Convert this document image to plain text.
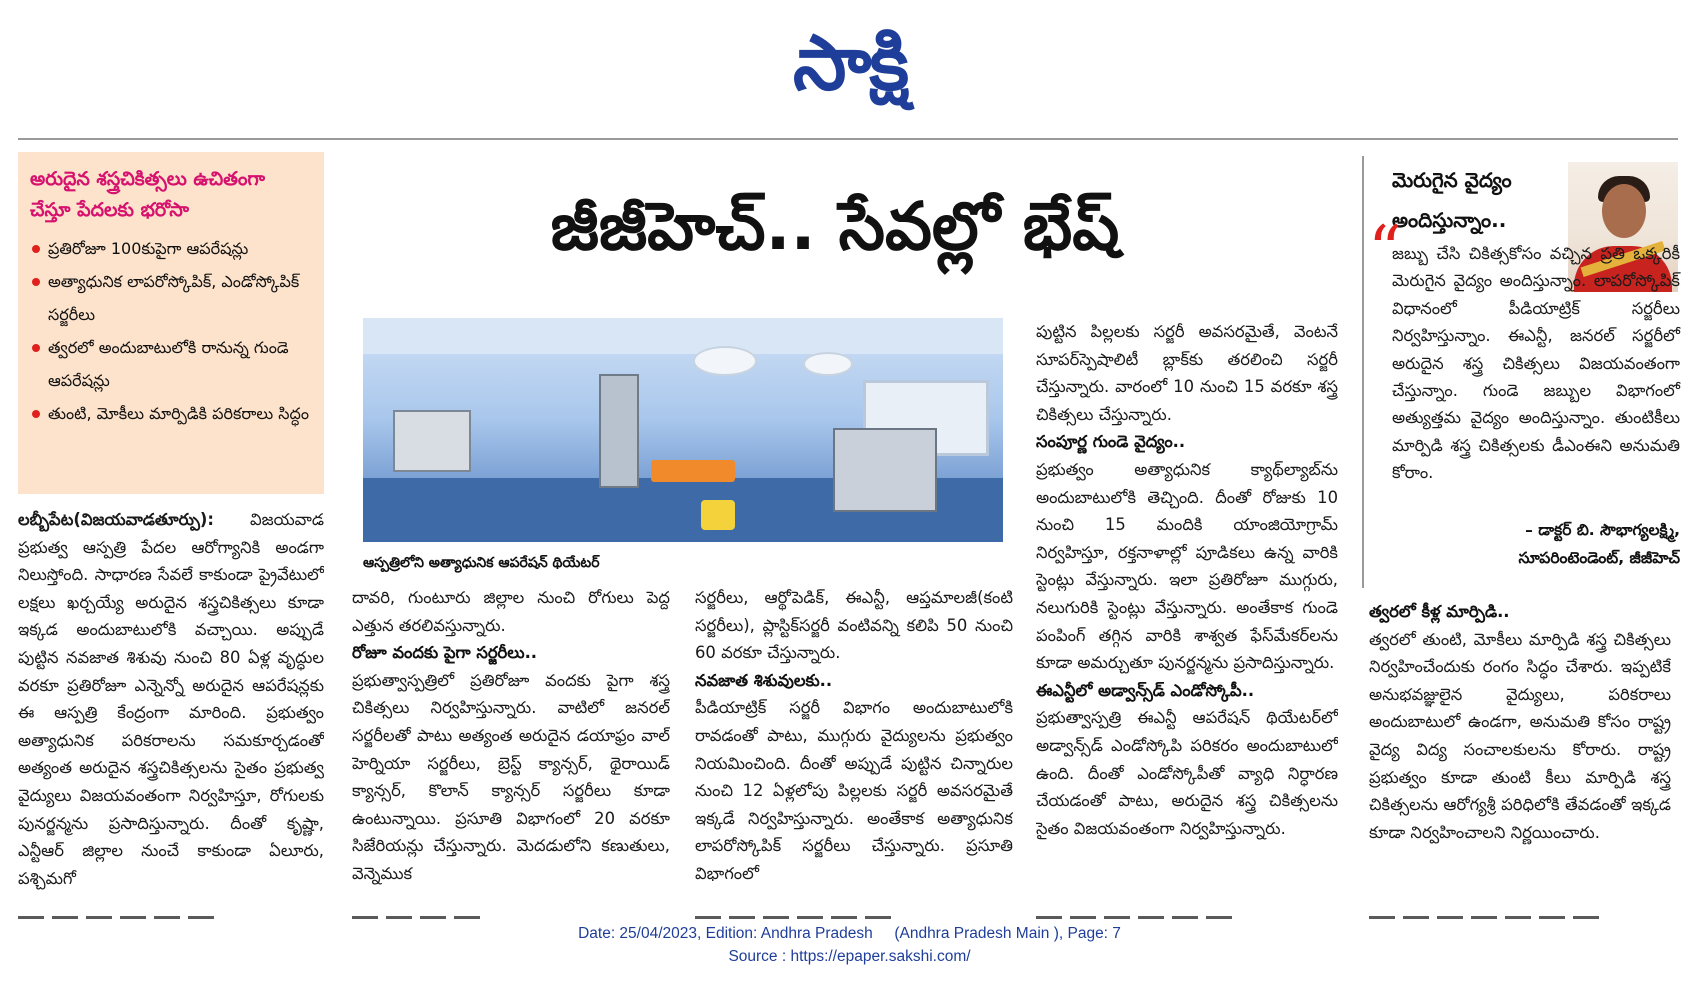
సాక్షి
అరుదైన శస్త్రచికిత్సలు ఉచితంగా చేస్తూ పేదలకు భరోసా
ప్రతిరోజూ 100కుపైగా ఆపరేషన్లు
అత్యాధునిక లాపరోస్కోపిక్, ఎండోస్కోపిక్ సర్జరీలు
త్వరలో అందుబాటులోకి రానున్న గుండె ఆపరేషన్లు
తుంటి, మోకీలు మార్పిడికి పరికరాలు సిద్ధం
జీజీహెచ్.. సేవల్లో భేష్
ఆస్పత్రిలోని అత్యాధునిక ఆపరేషన్ థియేటర్

లబ్బీపేట(విజయవాడతూర్పు): విజయవాడ ప్రభుత్వ ఆస్పత్రి పేదల ఆరోగ్యానికి అండగా నిలుస్తోంది. సాధారణ సేవలే కాకుండా ప్రైవేటులో లక్షలు ఖర్చయ్యే అరుదైన శస్త్రచికిత్సలు కూడా ఇక్కడ అందుబాటులోకి వచ్చాయి. అప్పుడే పుట్టిన నవజాత శిశువు నుంచి 80 ఏళ్ల వృద్ధుల వరకూ ప్రతిరోజూ ఎన్నెన్నో అరుదైన ఆపరేషన్లకు ఈ ఆస్పత్రి కేంద్రంగా మారింది. ప్రభుత్వం అత్యాధునిక పరికరాలను సమకూర్చడంతో అత్యంత అరుదైన శస్త్రచికిత్సలను సైతం ప్రభుత్వ వైద్యులు విజయవంతంగా నిర్వహిస్తూ, రోగులకు పునర్జన్మను ప్రసాదిస్తున్నారు. దీంతో కృష్ణా, ఎన్టీఆర్ జిల్లాల నుంచే కాకుండా ఏలూరు, పశ్చిమగో

దావరి, గుంటూరు జిల్లాల నుంచి రోగులు పెద్ద ఎత్తున తరలివస్తున్నారు.

రోజూ వందకు పైగా సర్జరీలు..

ప్రభుత్వాస్పత్రిలో ప్రతిరోజూ వందకు పైగా శస్త్ర చికిత్సలు నిర్వహిస్తున్నారు. వాటిలో జనరల్ సర్జరీలతో పాటు అత్యంత అరుదైన డయాఫ్రం వాల్ హెర్నియా సర్జరీలు, బ్రెస్ట్ క్యాన్సర్, థైరాయిడ్ క్యాన్సర్, కొలాన్ క్యాన్సర్ సర్జరీలు కూడా ఉంటున్నాయి. ప్రసూతి విభాగంలో 20 వరకూ సిజేరియన్లు చేస్తున్నారు. మెదడులోని కణుతులు, వెన్నెముక

సర్జరీలు, ఆర్థోపెడిక్, ఈఎన్టీ, ఆప్తమాలజీ(కంటి సర్జరీలు), ప్లాస్టిక్‌సర్జరీ వంటివన్ని కలిపి 50 నుంచి 60 వరకూ చేస్తున్నారు.

నవజాత శిశువులకు..

పీడియాట్రిక్ సర్జరీ విభాగం అందుబాటులోకి రావడంతో పాటు, ముగ్గురు వైద్యులను ప్రభుత్వం నియమించింది. దీంతో అప్పుడే పుట్టిన చిన్నారుల నుంచి 12 ఏళ్లలోపు పిల్లలకు సర్జరీ అవసరమైతే ఇక్కడే నిర్వహిస్తున్నారు. అంతేకాక అత్యాధునిక లాపరోస్కోపిక్ సర్జరీలు చేస్తున్నారు. ప్రసూతి విభాగంలో

పుట్టిన పిల్లలకు సర్జరీ అవసరమైతే, వెంటనే సూపర్‌స్పెషాలిటీ బ్లాక్‌కు తరలించి సర్జరీ చేస్తున్నారు. వారంలో 10 నుంచి 15 వరకూ శస్త్ర చికిత్సలు చేస్తున్నారు.

సంపూర్ణ గుండె వైద్యం..

ప్రభుత్వం అత్యాధునిక క్యాథ్‌ల్యాబ్‌ను అందుబాటులోకి తెచ్చింది. దీంతో రోజుకు 10 నుంచి 15 మందికి యాంజియోగ్రామ్ నిర్వహిస్తూ, రక్తనాళాల్లో పూడికలు ఉన్న వారికి స్టెంట్లు వేస్తున్నారు. ఇలా ప్రతిరోజూ ముగ్గురు, నలుగురికి స్టెంట్లు వేస్తున్నారు. అంతేకాక గుండె పంపింగ్ తగ్గిన వారికి శాశ్వత ఫేస్‌మేకర్‌లను కూడా అమర్చుతూ పునర్జన్మను ప్రసాదిస్తున్నారు.

ఈఎన్టీలో అడ్వాన్స్‌డ్ ఎండోస్కోపీ..

ప్రభుత్వాస్పత్రి ఈఎన్టీ ఆపరేషన్ థియేటర్‌లో అడ్వాన్స్‌డ్ ఎండోస్కోపి పరికరం అందుబాటులో ఉంది. దీంతో ఎండోస్కోపీతో వ్యాధి నిర్ధారణ చేయడంతో పాటు, అరుదైన శస్త్ర చికిత్సలను సైతం విజయవంతంగా నిర్వహిస్తున్నారు.

మెరుగైన వైద్యం అందిస్తున్నాం..
“
జబ్బు చేసి చికిత్సకోసం వచ్చిన ప్రతి ఒక్కరికీ మెరుగైన వైద్యం అందిస్తున్నాం. లాపరోస్కోపిక్ విధానంలో పీడియాట్రిక్ సర్జరీలు నిర్వహిస్తున్నాం. ఈఎన్టీ, జనరల్ సర్జరీలో అరుదైన శస్త్ర చికిత్సలు విజయవంతంగా చేస్తున్నాం. గుండె జబ్బుల విభాగంలో అత్యుత్తమ వైద్యం అందిస్తున్నాం. తుంటికీలు మార్పిడి శస్త్ర చికిత్సలకు డీఎంఈని అనుమతి కోరాం.
– డాక్టర్ బి. సౌభాగ్యలక్ష్మి,
సూపరింటెండెంట్, జీజీహెచ్

త్వరలో కీళ్ల మార్పిడి..

త్వరలో తుంటి, మోకీలు మార్పిడి శస్త్ర చికిత్సలు నిర్వహించేందుకు రంగం సిద్ధం చేశారు. ఇప్పటికే అనుభవజ్ఞులైన వైద్యులు, పరికరాలు అందుబాటులో ఉండగా, అనుమతి కోసం రాష్ట్ర వైద్య విద్య సంచాలకులను కోరారు. రాష్ట్ర ప్రభుత్వం కూడా తుంటి కీలు మార్పిడి శస్త్ర చికిత్సలను ఆరోగ్యశ్రీ పరిధిలోకి తేవడంతో ఇక్కడ కూడా నిర్వహించాలని నిర్ణయించారు.

Date: 25/04/2023, Edition: Andhra Pradesh     (Andhra Pradesh Main ), Page: 7
Source : https://epaper.sakshi.com/
